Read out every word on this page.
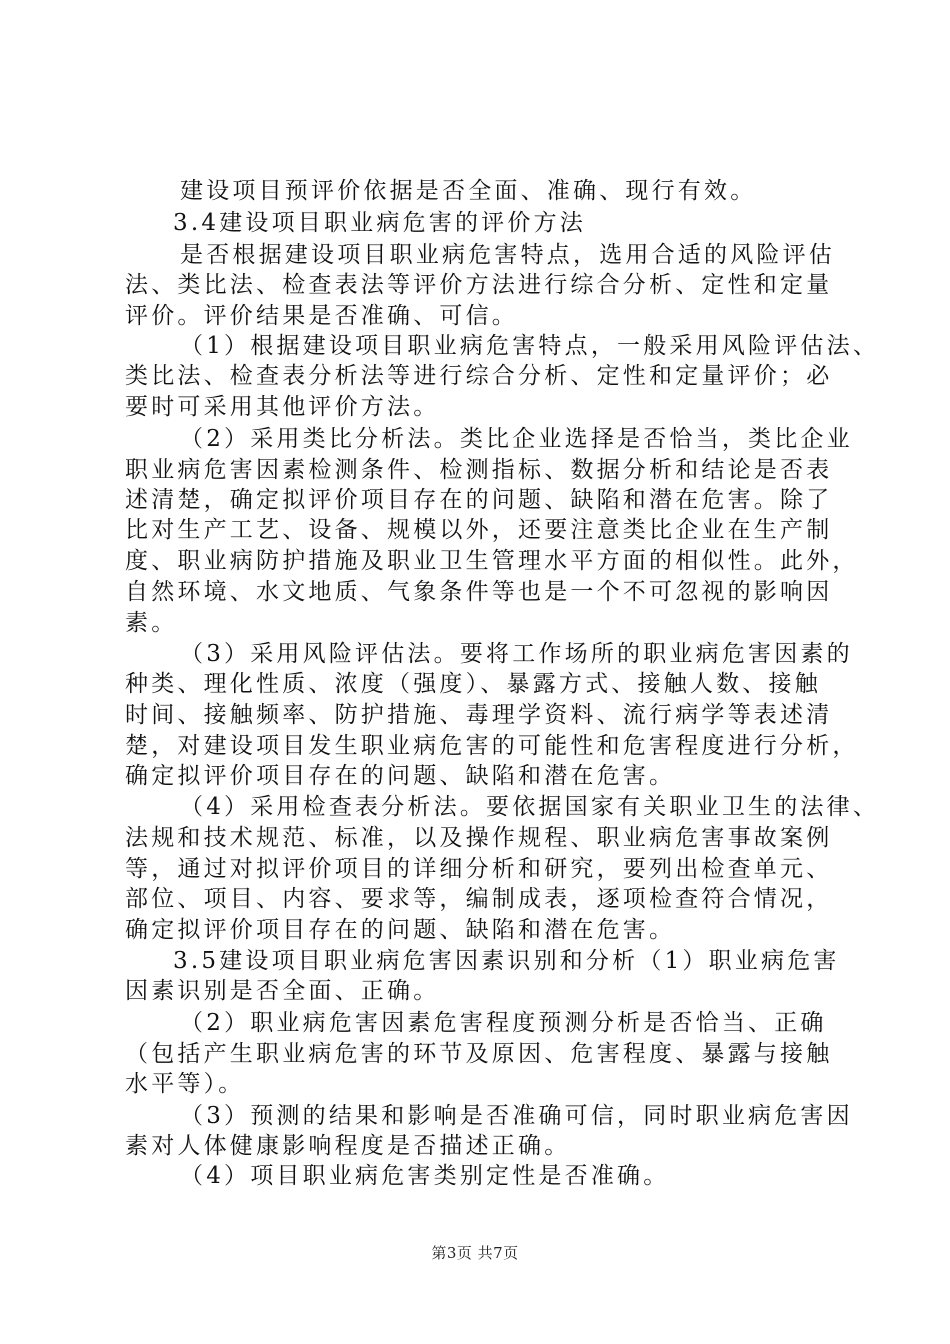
建设项目预评价依据是否全面、准确、现行有效。
3.4建设项目职业病危害的评价方法
是否根据建设项目职业病危害特点，选用合适的风险评估
法、类比法、检查表法等评价方法进行综合分析、定性和定量
评价。评价结果是否准确、可信。
（1）根据建设项目职业病危害特点，一般采用风险评估法、
类比法、检查表分析法等进行综合分析、定性和定量评价；必
要时可采用其他评价方法。
（2）采用类比分析法。类比企业选择是否恰当，类比企业
职业病危害因素检测条件、检测指标、数据分析和结论是否表
述清楚，确定拟评价项目存在的问题、缺陷和潜在危害。除了
比对生产工艺、设备、规模以外，还要注意类比企业在生产制
度、职业病防护措施及职业卫生管理水平方面的相似性。此外，
自然环境、水文地质、气象条件等也是一个不可忽视的影响因
素。
（3）采用风险评估法。要将工作场所的职业病危害因素的
种类、理化性质、浓度（强度）、暴露方式、接触人数、接触
时间、接触频率、防护措施、毒理学资料、流行病学等表述清
楚，对建设项目发生职业病危害的可能性和危害程度进行分析，
确定拟评价项目存在的问题、缺陷和潜在危害。
（4）采用检查表分析法。要依据国家有关职业卫生的法律、
法规和技术规范、标准，以及操作规程、职业病危害事故案例
等，通过对拟评价项目的详细分析和研究，要列出检查单元、
部位、项目、内容、要求等，编制成表，逐项检查符合情况，
确定拟评价项目存在的问题、缺陷和潜在危害。
3.5建设项目职业病危害因素识别和分析（1）职业病危害
因素识别是否全面、正确。
（2）职业病危害因素危害程度预测分析是否恰当、正确
（包括产生职业病危害的环节及原因、危害程度、暴露与接触
水平等）。
（3）预测的结果和影响是否准确可信，同时职业病危害因
素对人体健康影响程度是否描述正确。
（4）项目职业病危害类别定性是否准确。
第3页 共7页
